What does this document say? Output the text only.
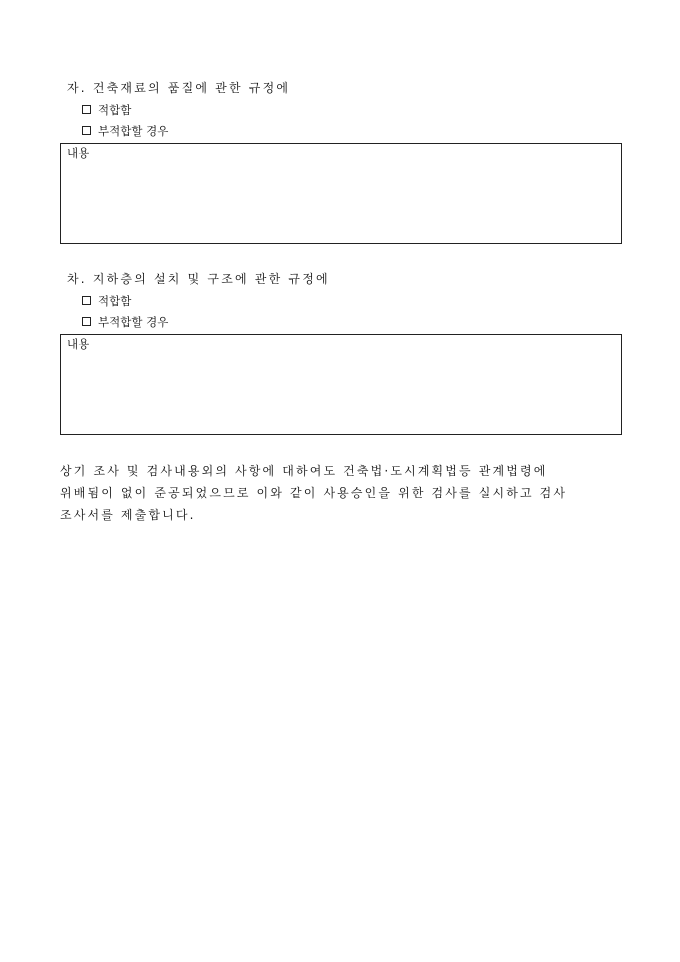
자. 건축재료의 품질에 관한 규정에
적합함
부적합할 경우
내용
차. 지하층의 설치 및 구조에 관한 규정에
적합함
부적합할 경우
내용
상기 조사 및 검사내용외의 사항에 대하여도 건축법·도시계획법등 관계법령에
위배됨이 없이 준공되었으므로 이와 같이 사용승인을 위한 검사를 실시하고 검사
조사서를 제출합니다.
